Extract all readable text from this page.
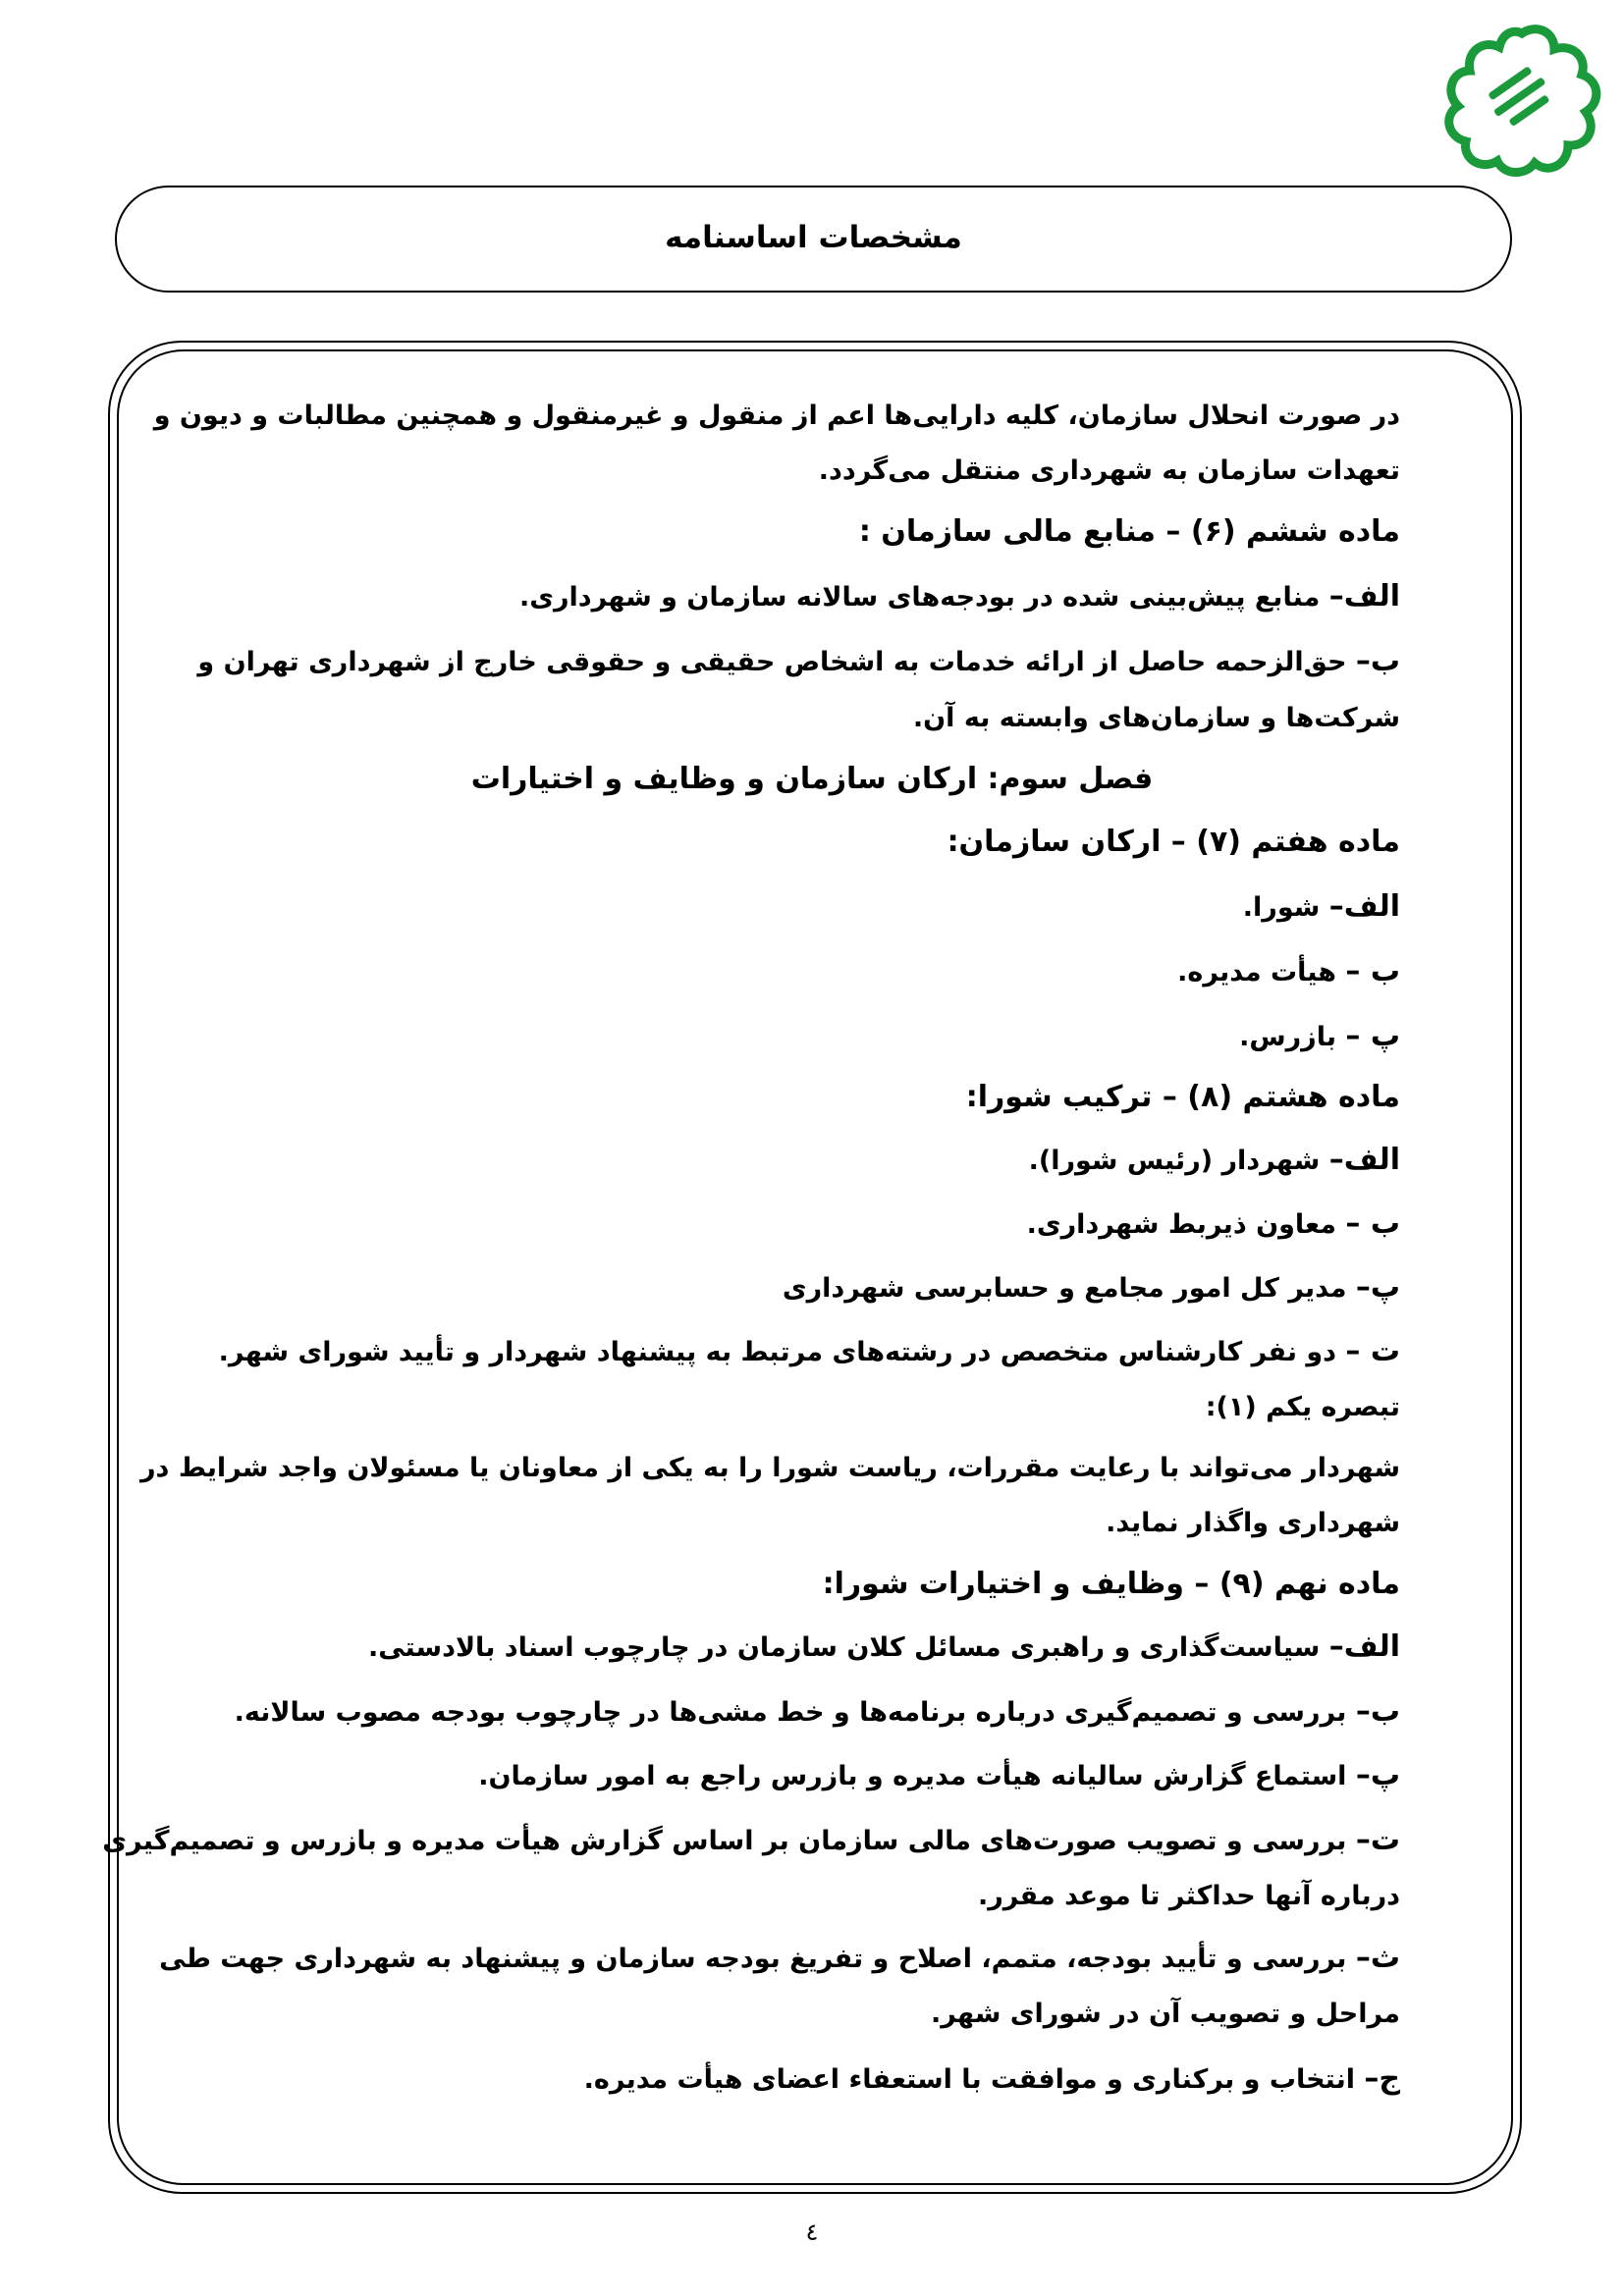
مشخصات اساسنامه
در صورت انحلال سازمان، کلیه دارایی‌ها اعم از منقول و غیرمنقول و همچنین مطالبات و دیون و
تعهدات سازمان به شهرداری منتقل می‌گردد.
ماده ششم (۶) – منابع مالی سازمان :
الف– منابع پیش‌بینی شده در بودجه‌های سالانه سازمان و شهرداری.
ب– حق‌الزحمه حاصل از ارائه خدمات به اشخاص حقیقی و حقوقی خارج از شهرداری تهران و
شرکت‌ها و سازمان‌های وابسته به آن.
فصل سوم: ارکان سازمان و وظایف و اختیارات
ماده هفتم (۷) – ارکان سازمان:
الف– شورا.
ب – هیأت مدیره.
پ – بازرس.
ماده هشتم (۸) – ترکیب شورا:
الف– شهردار (رئیس شورا).
ب – معاون ذیربط شهرداری.
پ– مدیر کل امور مجامع و حسابرسی شهرداری
ت – دو نفر کارشناس متخصص در رشته‌های مرتبط به پیشنهاد شهردار و تأیید شورای شهر.
تبصره یکم (۱):
شهردار می‌تواند با رعایت مقررات، ریاست شورا را به یکی از معاونان یا مسئولان واجد شرایط در
شهرداری واگذار نماید.
ماده نهم (۹) – وظایف و اختیارات شورا:
الف– سیاست‌گذاری و راهبری مسائل کلان سازمان در چارچوب اسناد بالادستی.
ب– بررسی و تصمیم‌گیری درباره برنامه‌ها و خط مشی‌ها در چارچوب بودجه مصوب سالانه.
پ– استماع گزارش سالیانه هیأت مدیره و بازرس راجع به امور سازمان.
ت– بررسی و تصویب صورت‌های مالی سازمان بر اساس گزارش هیأت مدیره و بازرس و تصمیم‌گیری
درباره آنها حداکثر تا موعد مقرر.
ث– بررسی و تأیید بودجه، متمم، اصلاح و تفریغ بودجه سازمان و پیشنهاد به شهرداری جهت طی
مراحل و تصویب آن در شورای شهر.
ج– انتخاب و برکناری و موافقت با استعفاء اعضای هیأت مدیره.
٤
